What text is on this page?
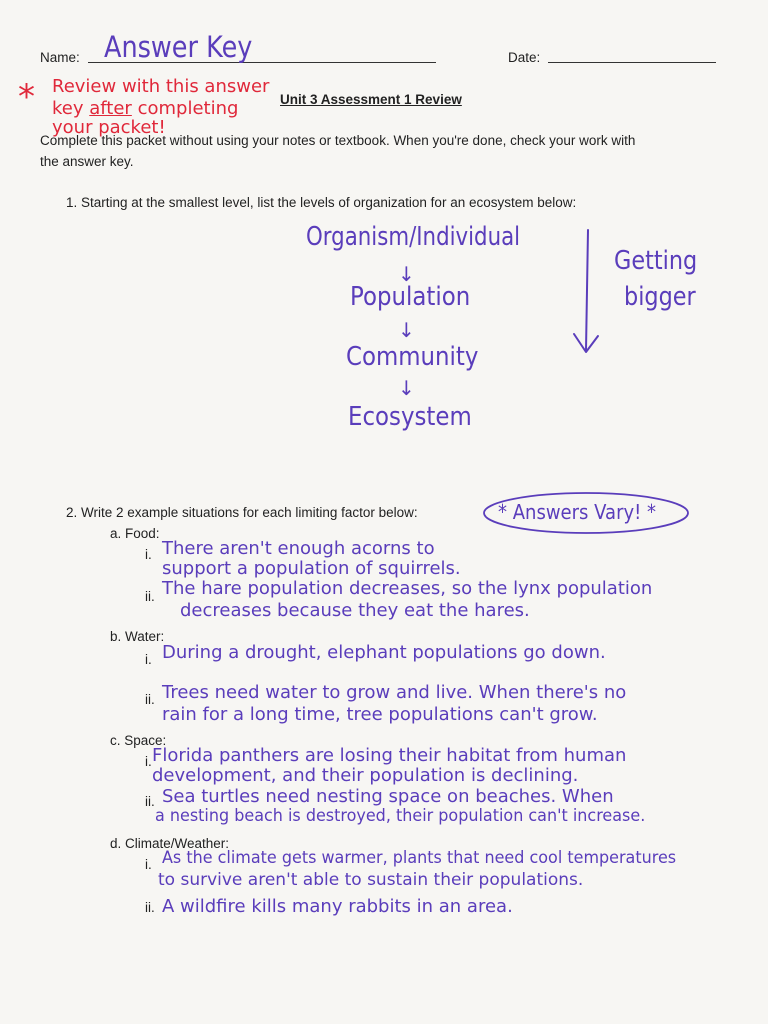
Name: Answer Key	Date:
* Review with this answer
key after completing
your packet!
Unit 3 Assessment 1 Review
Complete this packet without using your notes or textbook. When you're done, check your work with
the answer key.
1. Starting at the smallest level, list the levels of organization for an ecosystem below:
Organism/Individual
↓
Population
↓
Community
↓
Ecosystem
Getting
bigger
2. Write 2 example situations for each limiting factor below:	* Answers Vary! *
a. Food:
i. There aren't enough acorns to
support a population of squirrels.
ii. The hare population decreases, so the lynx population
decreases because they eat the hares.
b. Water:
i. During a drought, elephant populations go down.
ii. Trees need water to grow and live. When there's no
rain for a long time, tree populations can't grow.
c. Space:
i. Florida panthers are losing their habitat from human
development, and their population is declining.
ii. Sea turtles need nesting space on beaches. When
a nesting beach is destroyed, their population can't increase.
d. Climate/Weather:
i. As the climate gets warmer, plants that need cool temperatures
to survive aren't able to sustain their populations.
ii. A wildfire kills many rabbits in an area.
